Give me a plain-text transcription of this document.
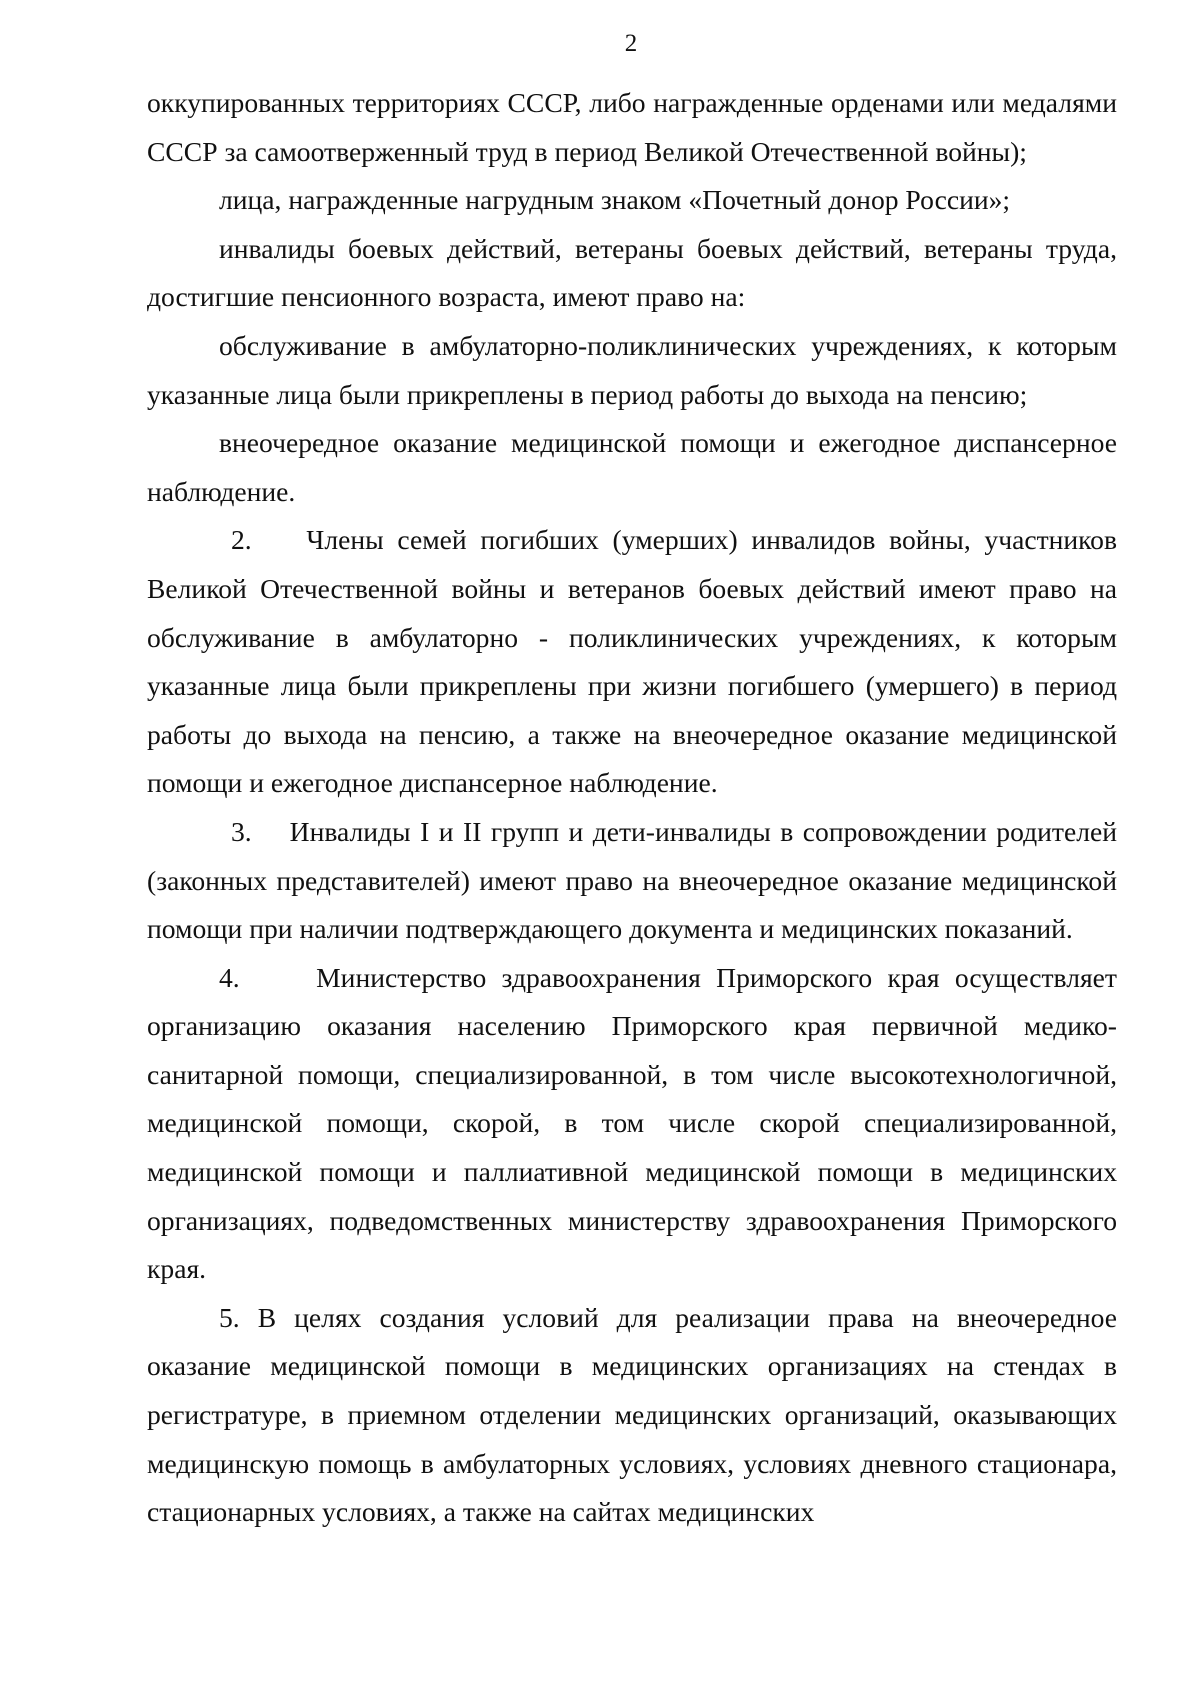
2

оккупированных территориях СССР, либо награжденные орденами или медалями СССР за самоотверженный труд в период Великой Отечественной войны);

лица, награжденные нагрудным знаком «Почетный донор России»;

инвалиды боевых действий, ветераны боевых действий, ветераны труда, достигшие пенсионного возраста, имеют право на:

обслуживание в амбулаторно-поликлинических учреждениях, к которым указанные лица были прикреплены в период работы до выхода на пенсию;

внеочередное оказание медицинской помощи и ежегодное диспансерное наблюдение.

2.    Члены семей погибших (умерших) инвалидов войны, участников Великой Отечественной войны и ветеранов боевых действий имеют право на обслуживание в амбулаторно - поликлинических учреждениях, к которым указанные лица были прикреплены при жизни погибшего (умершего) в период работы до выхода на пенсию, а также на внеочередное оказание медицинской помощи и ежегодное диспансерное наблюдение.

3.    Инвалиды I и II групп и дети-инвалиды в сопровождении родителей (законных представителей) имеют право на внеочередное оказание медицинской помощи при наличии подтверждающего документа и медицинских показаний.

4.     Министерство здравоохранения Приморского края осуществляет организацию оказания населению Приморского края первичной медико-санитарной помощи, специализированной, в том числе высокотехнологичной, медицинской помощи, скорой, в том числе скорой специализированной, медицинской помощи и паллиативной медицинской помощи в медицинских организациях, подведомственных министерству здравоохранения Приморского края.

5. В целях создания условий для реализации права на внеочередное оказание медицинской помощи в медицинских организациях на стендах в регистратуре, в приемном отделении медицинских организаций, оказывающих медицинскую помощь в амбулаторных условиях, условиях дневного стационара, стационарных условиях, а также на сайтах медицинских
